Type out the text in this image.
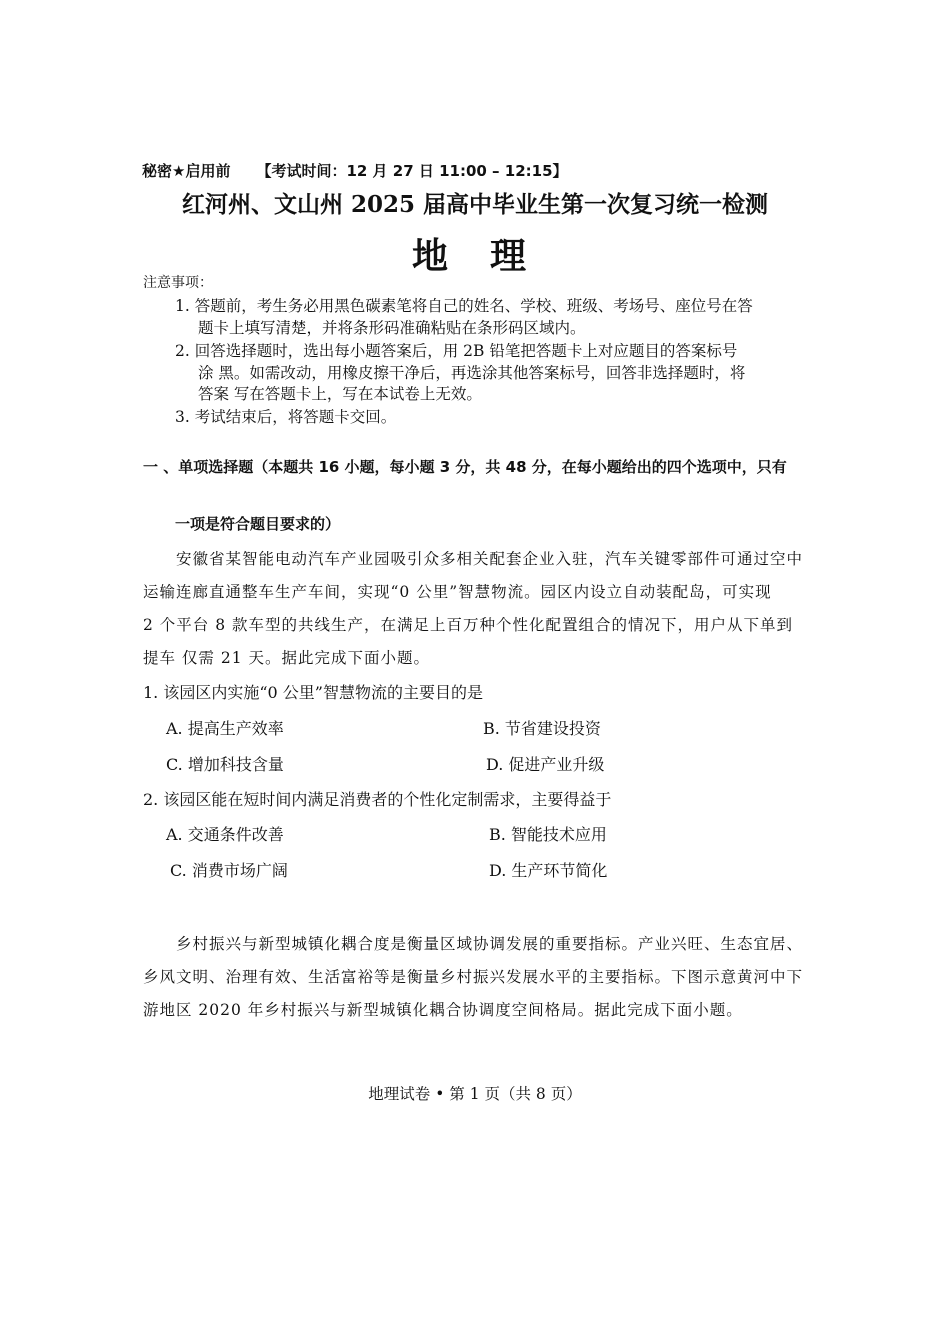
秘密★启用前 【考试时间：12 月 27 日 11:00 – 12:15】
红河州、文山州 2025 届高中毕业生第一次复习统一检测
地理
注意事项：
1. 答题前，考生务必用黑色碳素笔将自己的姓名、学校、班级、考场号、座位号在答
题卡上填写清楚，并将条形码准确粘贴在条形码区域内。
2. 回答选择题时，选出每小题答案后，用 2B 铅笔把答题卡上对应题目的答案标号
涂 黑。如需改动，用橡皮擦干净后，再选涂其他答案标号，回答非选择题时，将
答案 写在答题卡上，写在本试卷上无效。
3. 考试结束后，将答题卡交回。
一 、单项选择题（本题共 16 小题，每小题 3 分，共 48 分，在每小题给出的四个选项中，只有
一项是符合题目要求的）
安徽省某智能电动汽车产业园吸引众多相关配套企业入驻，汽车关键零部件可通过空中
运输连廊直通整车生产车间，实现“0 公里”智慧物流。园区内设立自动装配岛，可实现
2 个平台 8 款车型的共线生产，在满足上百万种个性化配置组合的情况下，用户从下单到
提车 仅需 21 天。据此完成下面小题。
1. 该园区内实施“0 公里”智慧物流的主要目的是
A. 提高生产效率	B. 节省建设投资
C. 增加科技含量	D. 促进产业升级
2. 该园区能在短时间内满足消费者的个性化定制需求，主要得益于
A. 交通条件改善	B. 智能技术应用
C. 消费市场广阔	D. 生产环节简化
乡村振兴与新型城镇化耦合度是衡量区域协调发展的重要指标。产业兴旺、生态宜居、
乡风文明、治理有效、生活富裕等是衡量乡村振兴发展水平的主要指标。下图示意黄河中下
游地区 2020 年乡村振兴与新型城镇化耦合协调度空间格局。据此完成下面小题。
地理试卷 • 第 1 页（共 8 页）
